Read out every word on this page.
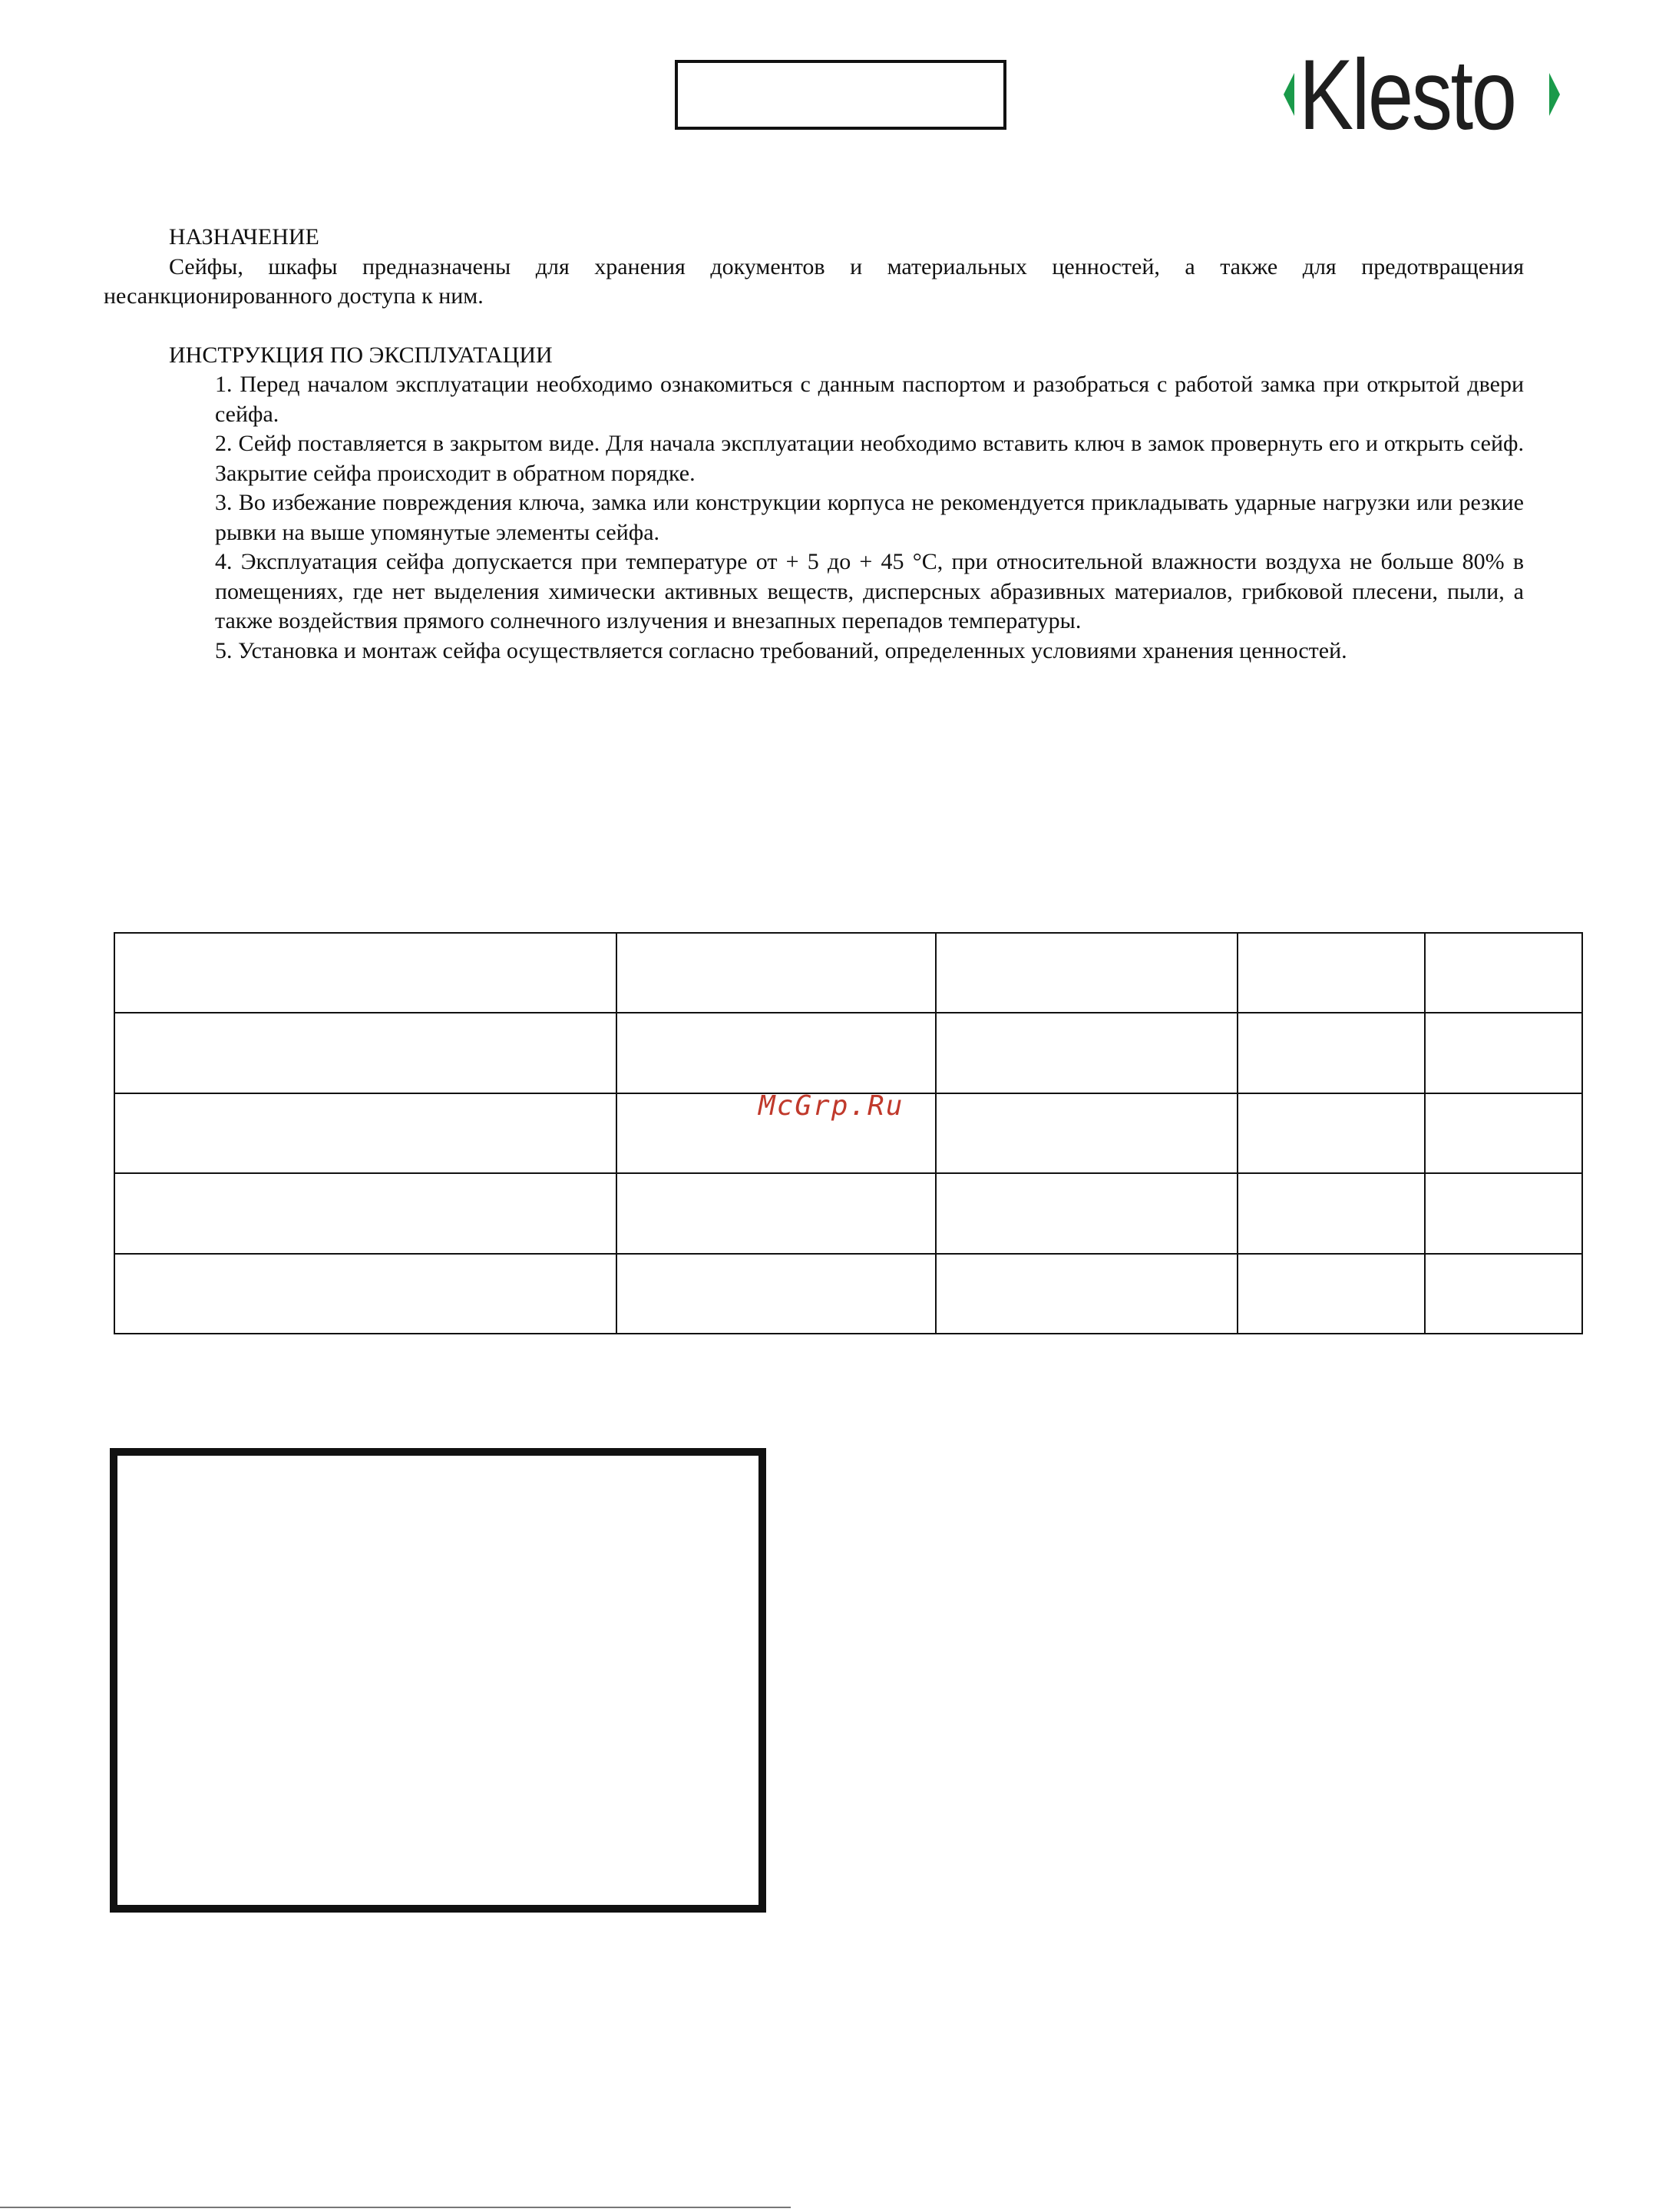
Klesto
НАЗНАЧЕНИЕ

Сейфы, шкафы предназначены для хранения документов и материальных ценностей, а также для предотвращения несанкционированного доступа к ним.

ИНСТРУКЦИЯ ПО ЭКСПЛУАТАЦИИ
1. Перед началом эксплуатации необходимо ознакомиться с данным паспортом и разобраться с работой замка при открытой двери сейфа.
2. Сейф поставляется в закрытом виде. Для начала эксплуатации необходимо вставить ключ в замок провернуть его и открыть сейф. Закрытие сейфа происходит в обратном порядке.
3. Во избежание повреждения ключа, замка или конструкции корпуса не рекомендуется прикладывать ударные нагрузки или резкие рывки на выше упомянутые элементы сейфа.
4. Эксплуатация сейфа допускается при температуре от + 5 до + 45 °С, при относительной влажности воздуха не больше 80% в помещениях, где нет выделения химически активных веществ, дисперсных абразивных материалов, грибковой плесени, пыли, а также воздействия прямого солнечного излучения и внезапных перепадов температуры.
5. Установка и монтаж сейфа осуществляется согласно требований, определенных условиями хранения ценностей.

McGrp.Ru
